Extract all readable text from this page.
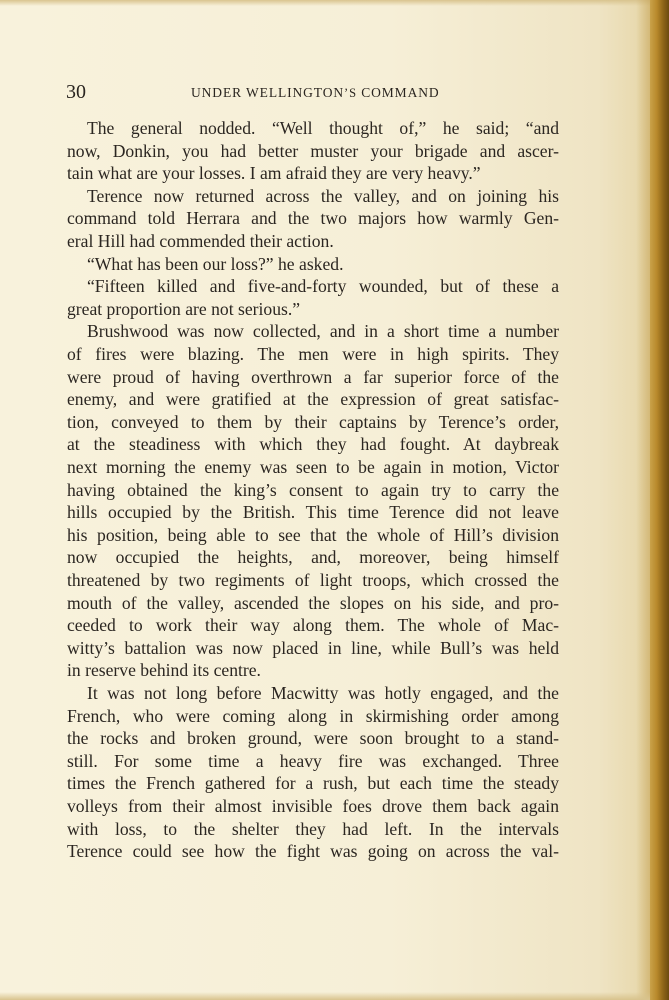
30	UNDER WELLINGTON’S COMMAND
The general nodded. “Well thought of,” he said; “and
now, Donkin, you had better muster your brigade and ascer-
tain what are your losses. I am afraid they are very heavy.”
Terence now returned across the valley, and on joining his
command told Herrara and the two majors how warmly Gen-
eral Hill had commended their action.
“What has been our loss?” he asked.
“Fifteen killed and five-and-forty wounded, but of these a
great proportion are not serious.”
Brushwood was now collected, and in a short time a number
of fires were blazing. The men were in high spirits. They
were proud of having overthrown a far superior force of the
enemy, and were gratified at the expression of great satisfac-
tion, conveyed to them by their captains by Terence’s order,
at the steadiness with which they had fought. At daybreak
next morning the enemy was seen to be again in motion, Victor
having obtained the king’s consent to again try to carry the
hills occupied by the British. This time Terence did not leave
his position, being able to see that the whole of Hill’s division
now occupied the heights, and, moreover, being himself
threatened by two regiments of light troops, which crossed the
mouth of the valley, ascended the slopes on his side, and pro-
ceeded to work their way along them. The whole of Mac-
witty’s battalion was now placed in line, while Bull’s was held
in reserve behind its centre.
It was not long before Macwitty was hotly engaged, and the
French, who were coming along in skirmishing order among
the rocks and broken ground, were soon brought to a stand-
still. For some time a heavy fire was exchanged. Three
times the French gathered for a rush, but each time the steady
volleys from their almost invisible foes drove them back again
with loss, to the shelter they had left. In the intervals
Terence could see how the fight was going on across the val-
